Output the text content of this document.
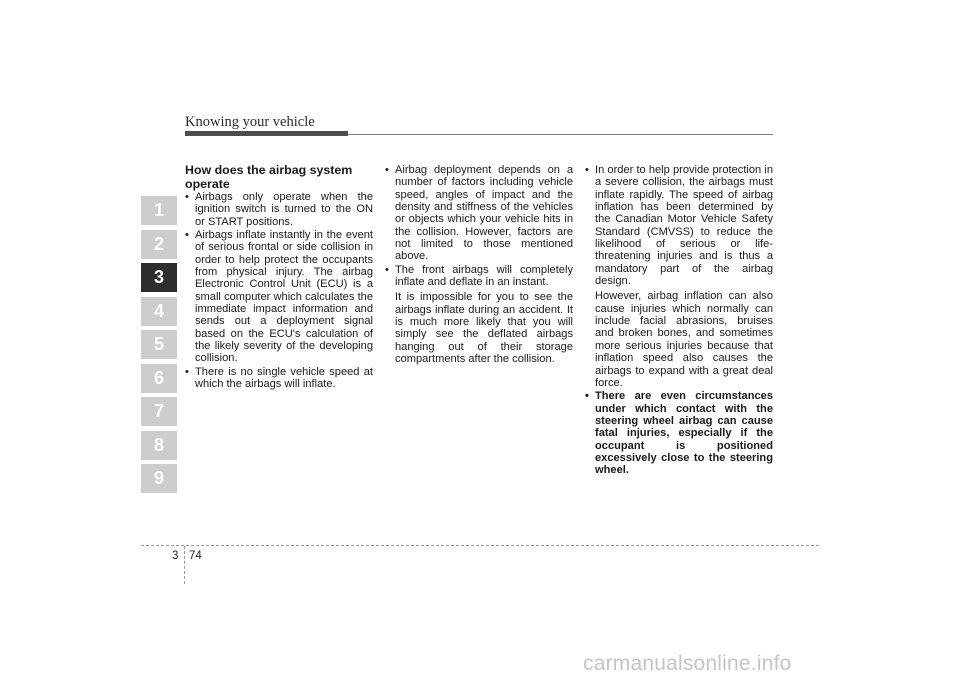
Knowing your vehicle
1
2
3
4
5
6
7
8
9
How does the airbag system operate
• Airbags only operate when the ignition switch is turned to the ON or START positions.
• Airbags inflate instantly in the event of serious frontal or side collision in order to help protect the occupants from physical injury. The airbag Electronic Control Unit (ECU) is a small computer which calculates the immediate impact information and sends out a deployment signal based on the ECU's calculation of the likely severity of the developing collision.
• There is no single vehicle speed at which the airbags will inflate.
• Airbag deployment depends on a number of factors including vehicle speed, angles of impact and the density and stiffness of the vehicles or objects which your vehicle hits in the collision. However, factors are not limited to those mentioned above.
• The front airbags will completely inflate and deflate in an instant.
It is impossible for you to see the airbags inflate during an accident. It is much more likely that you will simply see the deflated airbags hanging out of their storage compartments after the collision.
• In order to help provide protection in a severe collision, the airbags must inflate rapidly. The speed of airbag inflation has been determined by the Canadian Motor Vehicle Safety Standard (CMVSS) to reduce the likelihood of serious or life-threatening injuries and is thus a mandatory part of the airbag design.
However, airbag inflation can also cause injuries which normally can include facial abrasions, bruises and broken bones, and sometimes more serious injuries because that inflation speed also causes the airbags to expand with a great deal force.
• There are even circumstances under which contact with the steering wheel airbag can cause fatal injuries, especially if the occupant is positioned excessively close to the steering wheel.
3 74
carmanualsonline.info
